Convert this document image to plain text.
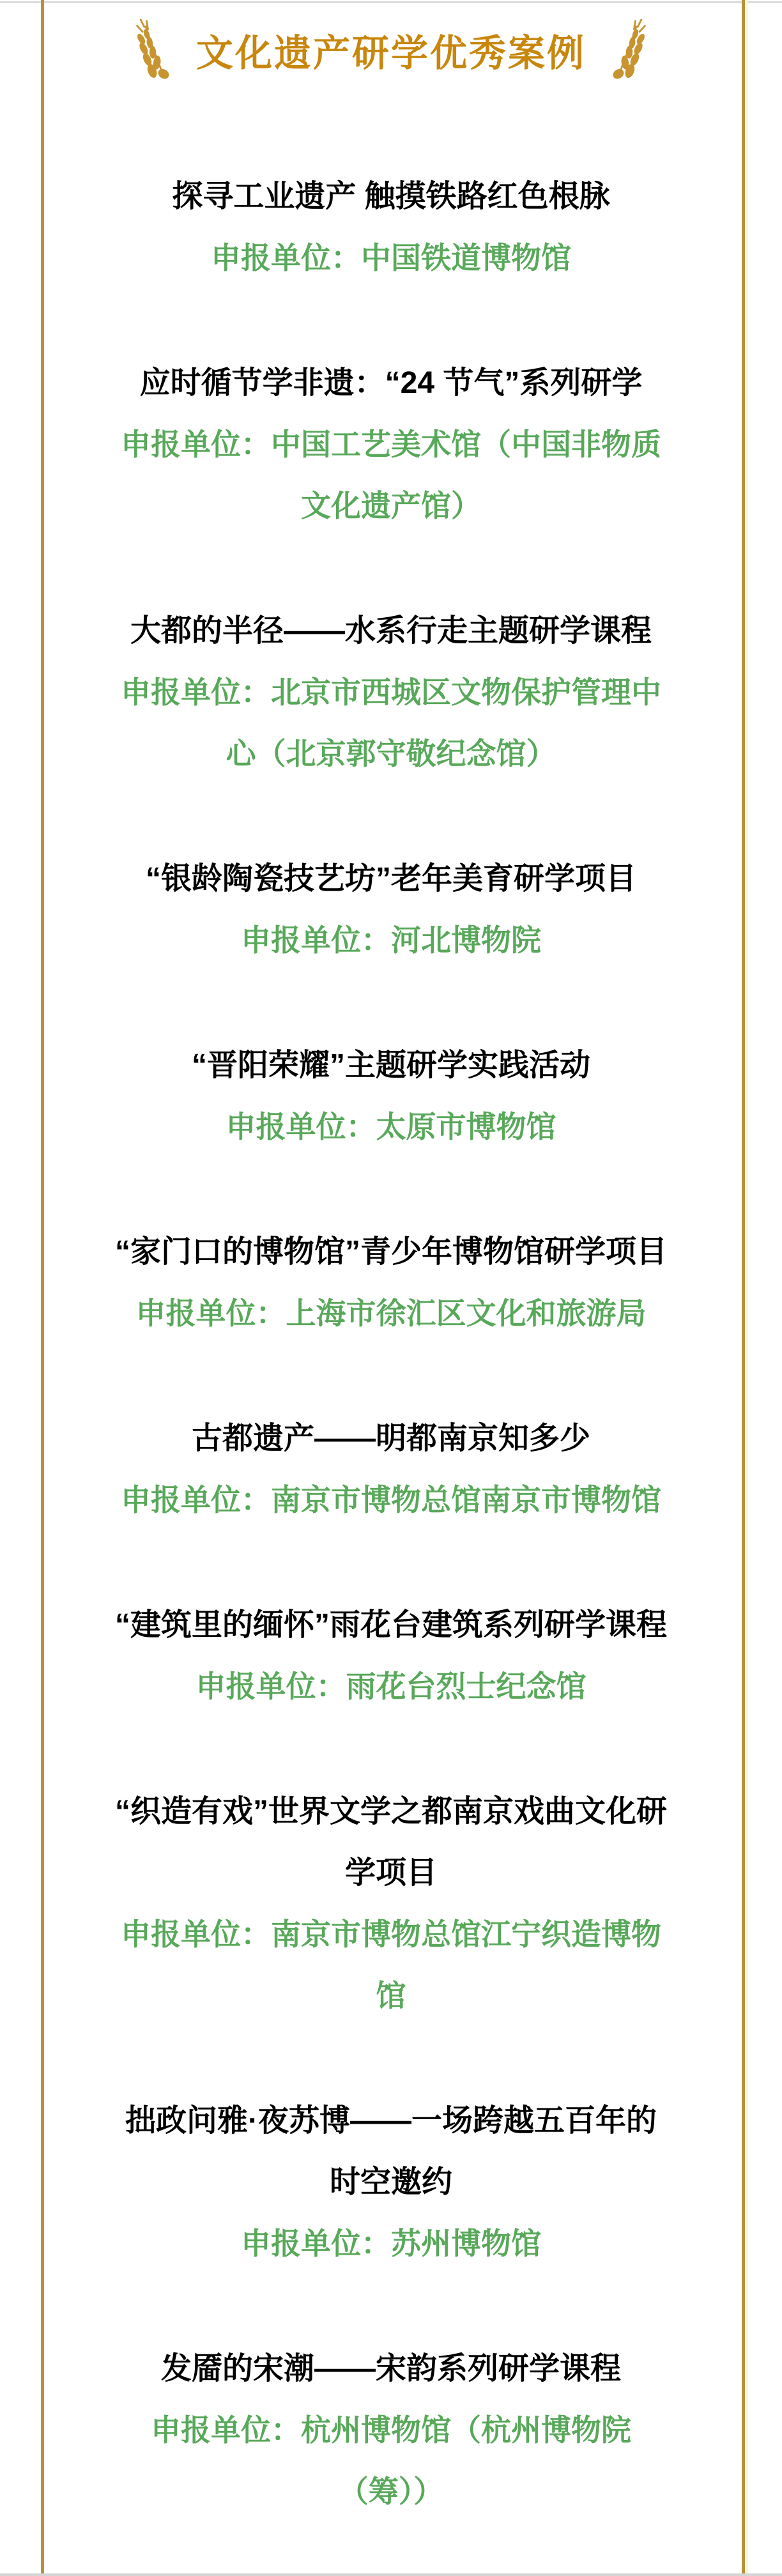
文化遗产研学优秀案例
探寻工业遗产 触摸铁路红色根脉
申报单位：中国铁道博物馆
应时循节学非遗：“24 节气”系列研学
申报单位：中国工艺美术馆（中国非物质
文化遗产馆）
大都的半径——水系行走主题研学课程
申报单位：北京市西城区文物保护管理中
心（北京郭守敬纪念馆）
“银龄陶瓷技艺坊”老年美育研学项目
申报单位：河北博物院
“晋阳荣耀”主题研学实践活动
申报单位：太原市博物馆
“家门口的博物馆”青少年博物馆研学项目
申报单位：上海市徐汇区文化和旅游局
古都遗产——明都南京知多少
申报单位：南京市博物总馆南京市博物馆
“建筑里的缅怀”雨花台建筑系列研学课程
申报单位：雨花台烈士纪念馆
“织造有戏”世界文学之都南京戏曲文化研
学项目
申报单位：南京市博物总馆江宁织造博物
馆
拙政问雅·夜苏博——一场跨越五百年的
时空邀约
申报单位：苏州博物馆
发靥的宋潮——宋韵系列研学课程
申报单位：杭州博物馆（杭州博物院
（筹））
